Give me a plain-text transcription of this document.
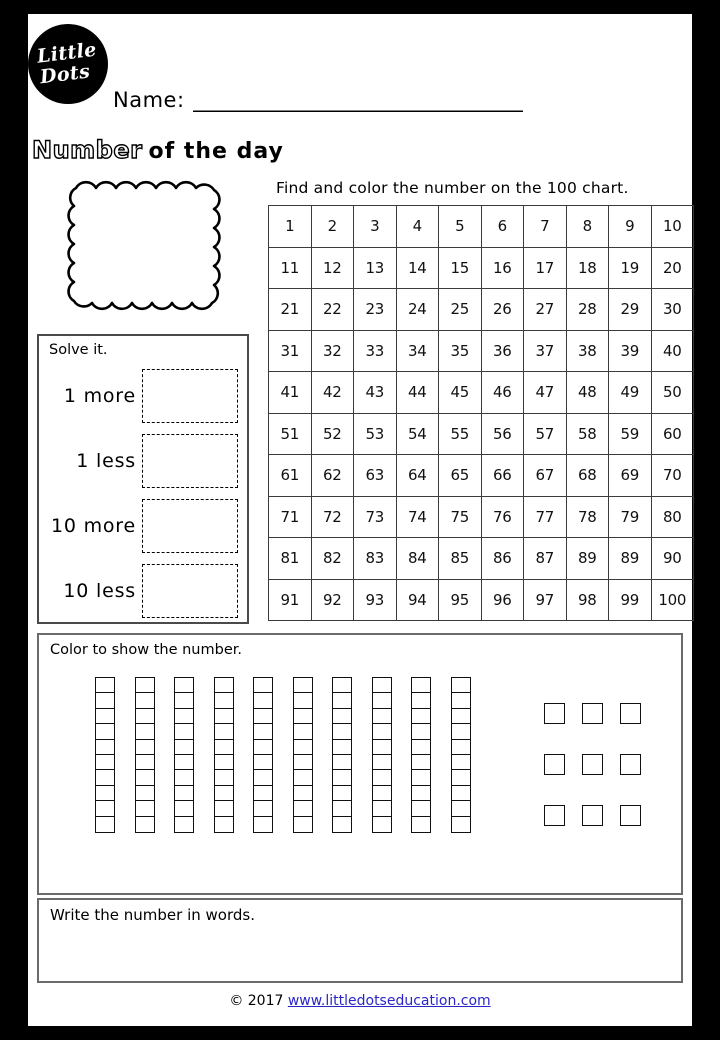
Little
Dots
Name: _________________________________
Number of the day
Find and color the number on the 100 chart.
1	2	3	4	5	6	7	8	9	10
11	12	13	14	15	16	17	18	19	20
21	22	23	24	25	26	27	28	29	30
31	32	33	34	35	36	37	38	39	40
41	42	43	44	45	46	47	48	49	50
51	52	53	54	55	56	57	58	59	60
61	62	63	64	65	66	67	68	69	70
71	72	73	74	75	76	77	78	79	80
81	82	83	84	85	86	87	89	89	90
91	92	93	94	95	96	97	98	99	100
Solve it.
1 more
1 less
10 more
10 less
Color to show the number.
Write the number in words.
© 2017 www.littledotseducation.com
